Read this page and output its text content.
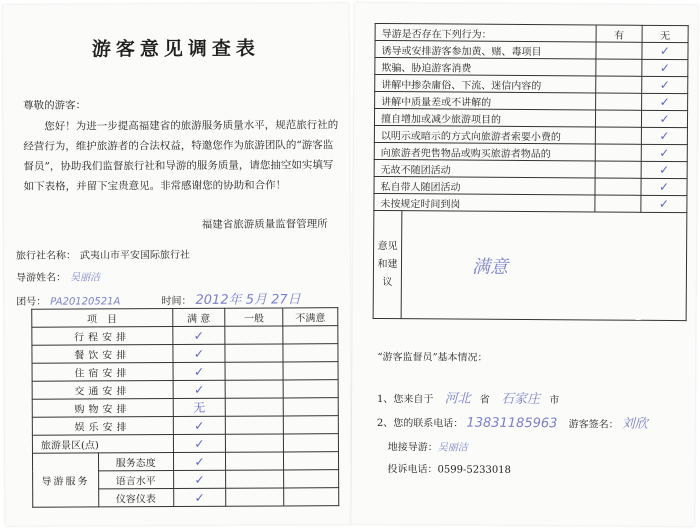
游客意见调查表
尊敬的游客：
您好！为进一步提高福建省的旅游服务质量水平，规范旅行社的经营行为，维护旅游者的合法权益，特邀您作为旅游团队的“游客监督员”，协助我们监督旅行社和导游的服务质量，请您抽空如实填写如下表格，并留下宝贵意见。非常感谢您的协助和合作！
福建省旅游质量监督管理所
旅行社名称： 武夷山市平安国际旅行社
导游姓名： 吴丽洁
团号： PA20120521A	时间： 2012年 5月 27日
项　目		满 意	一般	不满意
行程安排		✓		
餐饮安排		✓		
住宿安排		✓		
交通安排		✓		
购物安排		无		
娱乐安排		✓		
旅游景区(点)		✓		
导游服务	服务态度	✓		
	语言水平	✓		
	仪容仪表	✓		
导游是否存在下列行为：		有	无
诱导或安排游客参加黄、赌、毒项目			✓
欺骗、胁迫游客消费			✓
讲解中掺杂庸俗、下流、迷信内容的			✓
讲解中质量差或不讲解的			✓
擅自增加或减少旅游项目的			✓
以明示或暗示的方式向旅游者索要小费的			✓
向旅游者兜售物品或购买旅游者物品的			✓
无故不随团活动			✓
私自带人随团活动			✓
未按规定时间到岗			✓
意见和建议	满意		
“游客监督员”基本情况：
1、您来自于 河北 省 石家庄 市
2、您的联系电话： 13831185963 游客签名： 刘欣
地接导游：吴丽洁
投诉电话：0599-5233018
